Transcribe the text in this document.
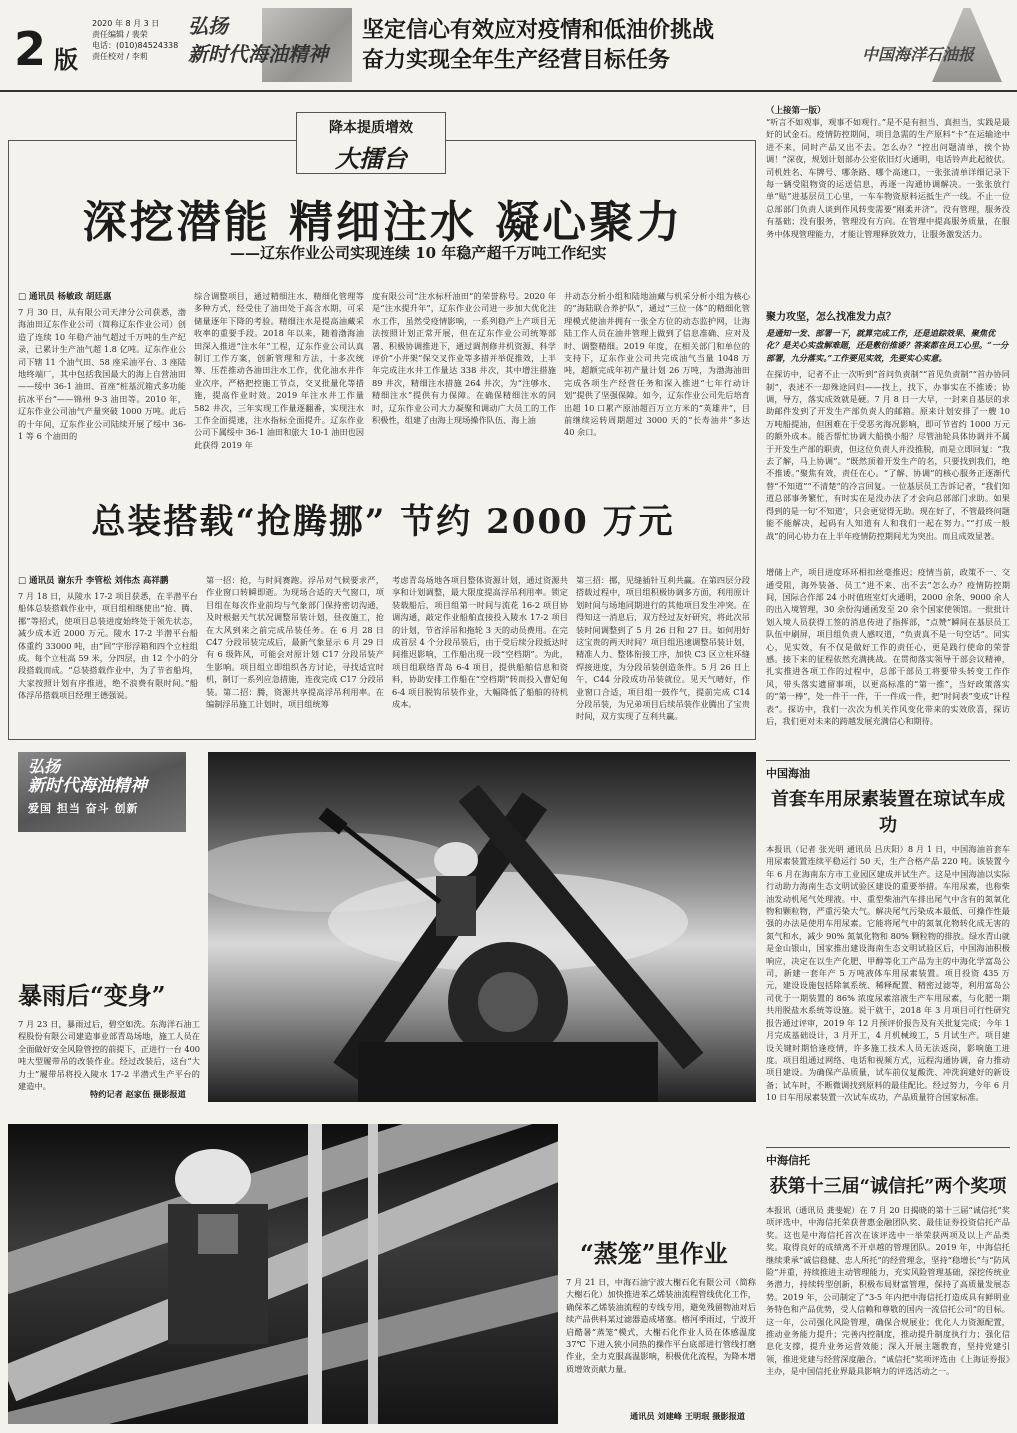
2 版
2020 年 8 月 3 日
责任编辑 / 裴荣
电话：(010)84524338
责任校对 / 李莉
弘扬
新时代海油精神
坚定信心有效应对疫情和低油价挑战
奋力实现全年生产经营目标任务	中国海洋石油报
降本提质增效
大擂台
深挖潜能 精细注水 凝心聚力
——辽东作业公司实现连续 10 年稳产超千万吨工作纪实
□ 通讯员 杨敏政 胡廷惠
7 月 30 日，从有限公司天津分公司获悉，渤海油田辽东作业公司（简称辽东作业公司）创造了连续 10 年稳产油气超过千万吨的生产纪录，已累计生产油气超 1.8 亿吨。辽东作业公司下辖 11 个油气田、58 座采油平台、3 座陆地终端厂，其中包括我国最大的海上自营油田——绥中 36-1 油田、首座“桩基沉箱式多功能抗冰平台”——锦州 9-3 油田等。2010 年，辽东作业公司油气产量突破 1000 万吨。此后的十年间，辽东作业公司陆续开展了绥中 36-1 等 6 个油田的
综合调整项目，通过精细注水、精细化管理等多种方式，经受住了油田处于高含水期，可采储量逐年下降的考验。精细注水是提高油藏采收率的重要手段。2018 年以来，随着渤海油田深入推进“注水年”工程，辽东作业公司认真制订工作方案，创新管理和方法，十多次统筹、压茬推动各油田注水工作，优化油水井作业次序，严格把控施工节点，交叉批量化等措施，提高作业时效。2019 年注水井工作量 582 井次，三年实现工作量逐翻番，实现注水工作全面提速，注水指标全面提升。辽东作业公司下属绥中 36-1 油田和旅大 10-1 油田也因此获得 2019 年
度有限公司“注水标杆油田”的荣誉称号。2020 年是“注水提升年”，辽东作业公司进一步加大优化注水工作，虽然受疫情影响，一系列稳产上产项目无法按照计划正常开展，但在辽东作业公司统筹部署、积极协调推进下，通过调剂修井机资源、科学评价“小井架”保交叉作业等多措并举促推效，上半年完成注水井工作量达 338 井次，其中增注措施 89 井次，精细注水措施 264 井次，为“注够水、精细注水”提供有力保障。在确保精细注水的同时，辽东作业公司大力凝聚和调动广大员工的工作积极性，组建了由海上现场操作队伍、海上油
井动态分析小组和陆地油藏与机采分析小组为核心的“海陆联合养护队”，通过“三位一体”的精细化管理模式使油井拥有一张全方位的动态监护网，让海陆工作人员在油井管理上做到了信息准确、应对及时、调整精细。2019 年度，在相关部门和单位的支持下，辽东作业公司共完成油气当量 1048 万吨，超额完成年初产量计划 26 万吨，为渤海油田完成各项生产经营任务和深入推进“七年行动计划”提供了坚强保障。如今，辽东作业公司先后培育出超 10 口累产原油超百万立方米的“英雄井”，目前继续运转周期超过 3000 天的“长寿油井”多达 40 余口。
总装搭载“抢腾挪” 节约 2000 万元
□ 通讯员 谢东升 李管松 刘伟杰 高祥鹏
7 月 18 日，从陵水 17-2 项目获悉，在半潜平台船体总装搭载作业中，项目组相继使出“抢、腾、挪”等招式，使项目总装进度始终处于领先状态，减少成本近 2000 万元。陵水 17-2 半潜平台船体重约 33000 吨，由“回”字形浮箱和四个立柱组成。每个立柱高 59 米，分四层，由 12 个小的分段搭载而成。“总装搭载作业中，为了节省船坞，大家按照计划有序推进，绝不浪费有限时间。”船体浮吊搭载项目经理王德强说。
第一招：抢，与时间赛跑。浮吊对气候要求严，作业窗口转瞬即逝。为现场合适的天气窗口，项目组在每次作业前均与气象部门保持密切沟通，及时根据天气状况调整吊装计划，昼夜施工，抢在大风到来之前完成吊装任务。在 6 月 28 日 C47 分段吊装完成后，最新气象显示 6 月 29 日有 6 级阵风，可能会对原计划 C17 分段吊装产生影响。项目组立即组织各方讨论，寻找适宜时机，制订一系列应急措施，连夜完成 C17 分段吊装。第二招：腾，资源共享提高浮吊利用率。在编制浮吊施工计划时，项目组统筹
考虑青岛场地各项目整体资源计划，通过资源共享和计划调整，最大限度提高浮吊利用率。锁定装载船后，项目组第一时间与流花 16-2 项目协调沟通，敲定作业船舶直接投入陵水 17-2 项目的计划，节省浮吊和拖轮 3 天的动员费用。在完成首层 4 个分段吊装后，由于受后续分段抵达时间推迟影响，工作船出现一段“空档期”。为此，项目组联络青岛 6-4 项目，提供船舶信息和资料，协助安排工作船在“空档期”转而投入曹妃甸 6-4 项目脱钩吊装作业，大幅降低了船舶的待机成本。
第三招：挪，见缝插针互利共赢。在第四层分段搭载过程中，项目组积极协调多方面，利用原计划时间与场地同期进行的其他项目发生冲突。在得知这一消息后，双方经过友好研究，将此次吊装时间调整到了 5 月 26 日和 27 日。如何用好这宝贵的两天时间？项目组迅速调整吊装计划，精准人力、整体衔接工序，加快 C3 区立柱环缝焊接进度，为分段吊装创造条件。5 月 26 日上午，C44 分段成功吊装就位。见天气晴好，作业窗口合适，项目组一鼓作气，提前完成 C14 分段吊装，为兄弟项目后续吊装作业腾出了宝贵时间，双方实现了互利共赢。
（上接第一版）
“听言不如观事，观事不如观行。”是不是有担当、真担当，实践是最好的试金石。疫情防控期间，项目急需的生产原料“卡”在运输途中进不来，同时产品又出不去。怎么办？“控出问题清单，挨个协调！”深夜，规划计划部办公室依旧灯火通明，电话铃声此起彼伏。司机姓名、车牌号、哪条路、哪个高速口，一张张清单详细记录下每一辆受阻物资的运送信息，再逐一沟通协调解决。一张张放行单“贴”进基层员工心里，一车车物资原料运抵生产一线。不止一位总部部门负责人谈到作风转变需要“刚柔并济”。没有管理，服务没有基础；没有服务，管理没有方向。在管理中提高服务质量，在服务中体现管理能力，才能让管理释放效力，让服务激发活力。
聚力攻坚，怎么找准发力点？
是通知一发、部署一下，就算完成工作，还是追踪效果、聚焦优化？是关心实盘解难题，还是敷衍推诿？答案都在员工心里。“一分部署，九分落实。”工作要见实效，先要实心实意。
在探访中，记者不止一次听到“首问负责制”“首见负责制”“首办协同制”，表述不一却殊途同归——找上，找下，办事实在不推诿；协调，导方，落实成效就是硬。7 月 8 日一大早，一封来自基层的求助邮件发到了开发生产部负责人的邮箱。原来计划安排了一艘 10 万吨船提油，但困难在于受恶劣海况影响，即可节省约 1000 万元的额外成本。能否帮忙协调大船换小船？尽管油轮具体协调并不属于开发生产部的职责，但这位负责人并没推脱，而是立即回复：“我去了解，马上协调”。“既然顶着开发生产的名，只要找到我们，绝不推诿。”聚焦有效，责任在心。“了解、协调”的核心服务正逐渐代替“不知道”“不清楚”的冷言回复。一位基层员工告诉记者，“我们知道总部事务繁忙，有时实在是没办法了才会向总部部门求助。如果得到的是一句‘不知道’，只会更觉得无助。现在好了，不管最终问题能不能解决，起码有人知道有人和我们一起在努力。”“打成一般战”的同心协力在上半年疫情防控期间尤为突出。而且成效显著。
增储上产，项目进度环环相扣丝毫推迟；疫情当前，政策不一、交通受阻，海外装备、员工“进不来、出不去”怎么办？疫情防控期间，国际合作部 24 小时值班室灯火通明，2000 余条、9000 余人的出入境管理，30 余份沟通函发至 20 余个国家使领馆。一批批计划入境人员获得工签的消息传进了指挥部，“点赞”瞬间在基层员工队伍中刷屏，项目组负责人感叹道，“负责真不是一句空话”。同实心，见实效，有不仅是做好工作的责任心，更是践行使命的荣誉感。接下来的征程依然充满挑战。在贯彻落实领导干部会议精神，扎实推进各项工作的过程中，总部干部员工将要带头转变工作作风，带头落实遗留事项，以更高标准的“第一推”，当好政策落实的“第一棒”，处一件干一件，干一件成一件，把“时间表”变成“计程表”。探访中，我们一次次为机关作风变化带来的实效欣喜，探访后，我们更对未来的跨越发展充满信心和期待。
弘扬
新时代海油精神
爱国 担当 奋斗 创新
暴雨后“变身”
7 月 23 日，暴雨过后，碧空如洗。东海洋石油工程股份有限公司建造事业部青岛场地，施工人员在全面做好安全风险管控的前提下，正进行一台 400 吨大型履带吊的改装作业。经过改装后，这台“大力士”履带吊将投入陵水 17-2 半潜式生产平台的建造中。
特约记者 赵家伍 摄影报道
“蒸笼”里作业
7 月 21 日，中海石油宁波大榭石化有限公司（简称大榭石化）加快推进苯乙烯装油流程管线优化工作，确保苯乙烯装油流程的专线专用，避免残留物油对后续产品供料某过滤器造成堵塞。榕河季雨过，宁波开启酷暑“蒸笼”模式，大榭石化作业人员在体感温度 37℃ 下进入狭小同热的操作平台底部进行管线打磨作业，全力克服高温影响，积极优化流程，为降本增质增效贡献力量。
通讯员 刘建峰 王明珉 摄影报道
中国海油
首套车用尿素装置在琼试车成功
本报讯（记者 张光明 通讯员 吕庆阳）8 月 1 日，中国海油首套车用尿素装置连续平稳运行 50 天，生产合格产品 220 吨。该装置今年 6 月在海南东方市工业园区建成并试生产。这是中国海油以实际行动助力海南生态文明试验区建设的重要举措。车用尿素，也称柴油发动机尾气处理液。中、重型柴油汽车排出尾气中含有的氮氧化物和颗粒物，严重污染大气。解决尾气污染成本最低、可操作性最强的办法是使用车用尿素。它能将尾气中的氮氧化物转化成无害的氮气和水，减少 90% 氮氧化物和 80% 颗粒物的排放。绿水青山就是金山银山，国家推出建设海南生态文明试验区后，中国海油积极响应，决定在以生产化肥、甲醇等化工产品为主的中海化学富岛公司，新建一套年产 5 万吨液体车用尿素装置。项目投资 435 万元，建设设施包括除氧系统、稀释配置、精密过滤等，利用富岛公司优于一期装置的 86% 浓度尿素溶液生产车用尿素，与化肥一期共用脱盐水系统等设施。说干就干，2018 年 3 月项目可行性研究报告通过评审，2019 年 12 月预评价报告及有关批复完成；今年 1 月完成基础设计，3 月开工，4 月机械竣工，5 月试生产。项目建设关键时期恰逢疫情，许多施工技术人员无法返岗，影响施工进度。项目组通过网络、电话和视频方式，远程沟通协调，奋力推动项目建设。为确保产品质量，试车前仪复酸洗、冲洗润建好的新设备；试车时，不断微调找到原料的最佳配比。经过努力，今年 6 月 10 日车用尿素装置一次试车成功，产品质量符合国家标准。
中海信托
获第十三届“诚信托”两个奖项
本报讯（通讯员 龚斐妮）在 7 月 20 日揭晓的第十三届“诚信托”奖项评选中，中海信托荣获普惠金融团队奖、最佳证券投资信托产品奖。这也是中海信托首次在该评选中一举荣获两项及以上产品类奖。取得良好的成绩离不开卓越的管理团队。2019 年，中海信托继续秉承“诚信稳健、忠人所托”的经营理念，坚持“稳增长”与“防风险”并重，持续推进主动管理能力，充实风险管理基础，深挖传统业务潜力，持续转型创新，积极布局财富管理，保持了高质量发展态势。2019 年，公司制定了“3-5 年内把中海信托打造成具有鲜明业务特色和产品优势，受人信赖和尊敬的国内一流信托公司”的目标。这一年，公司强化风险管理，确保合规展业；优化人力资源配置，推动业务能力提升；完善内控制度，推动提升制度执行力；强化信息化支撑，提升业务运营效能；深入开展主题教育，坚持党建引领，推进党建与经营深度融合。“诚信托”奖项评选由《上海证券报》主办，是中国信托业界最具影响力的评选活动之一。
